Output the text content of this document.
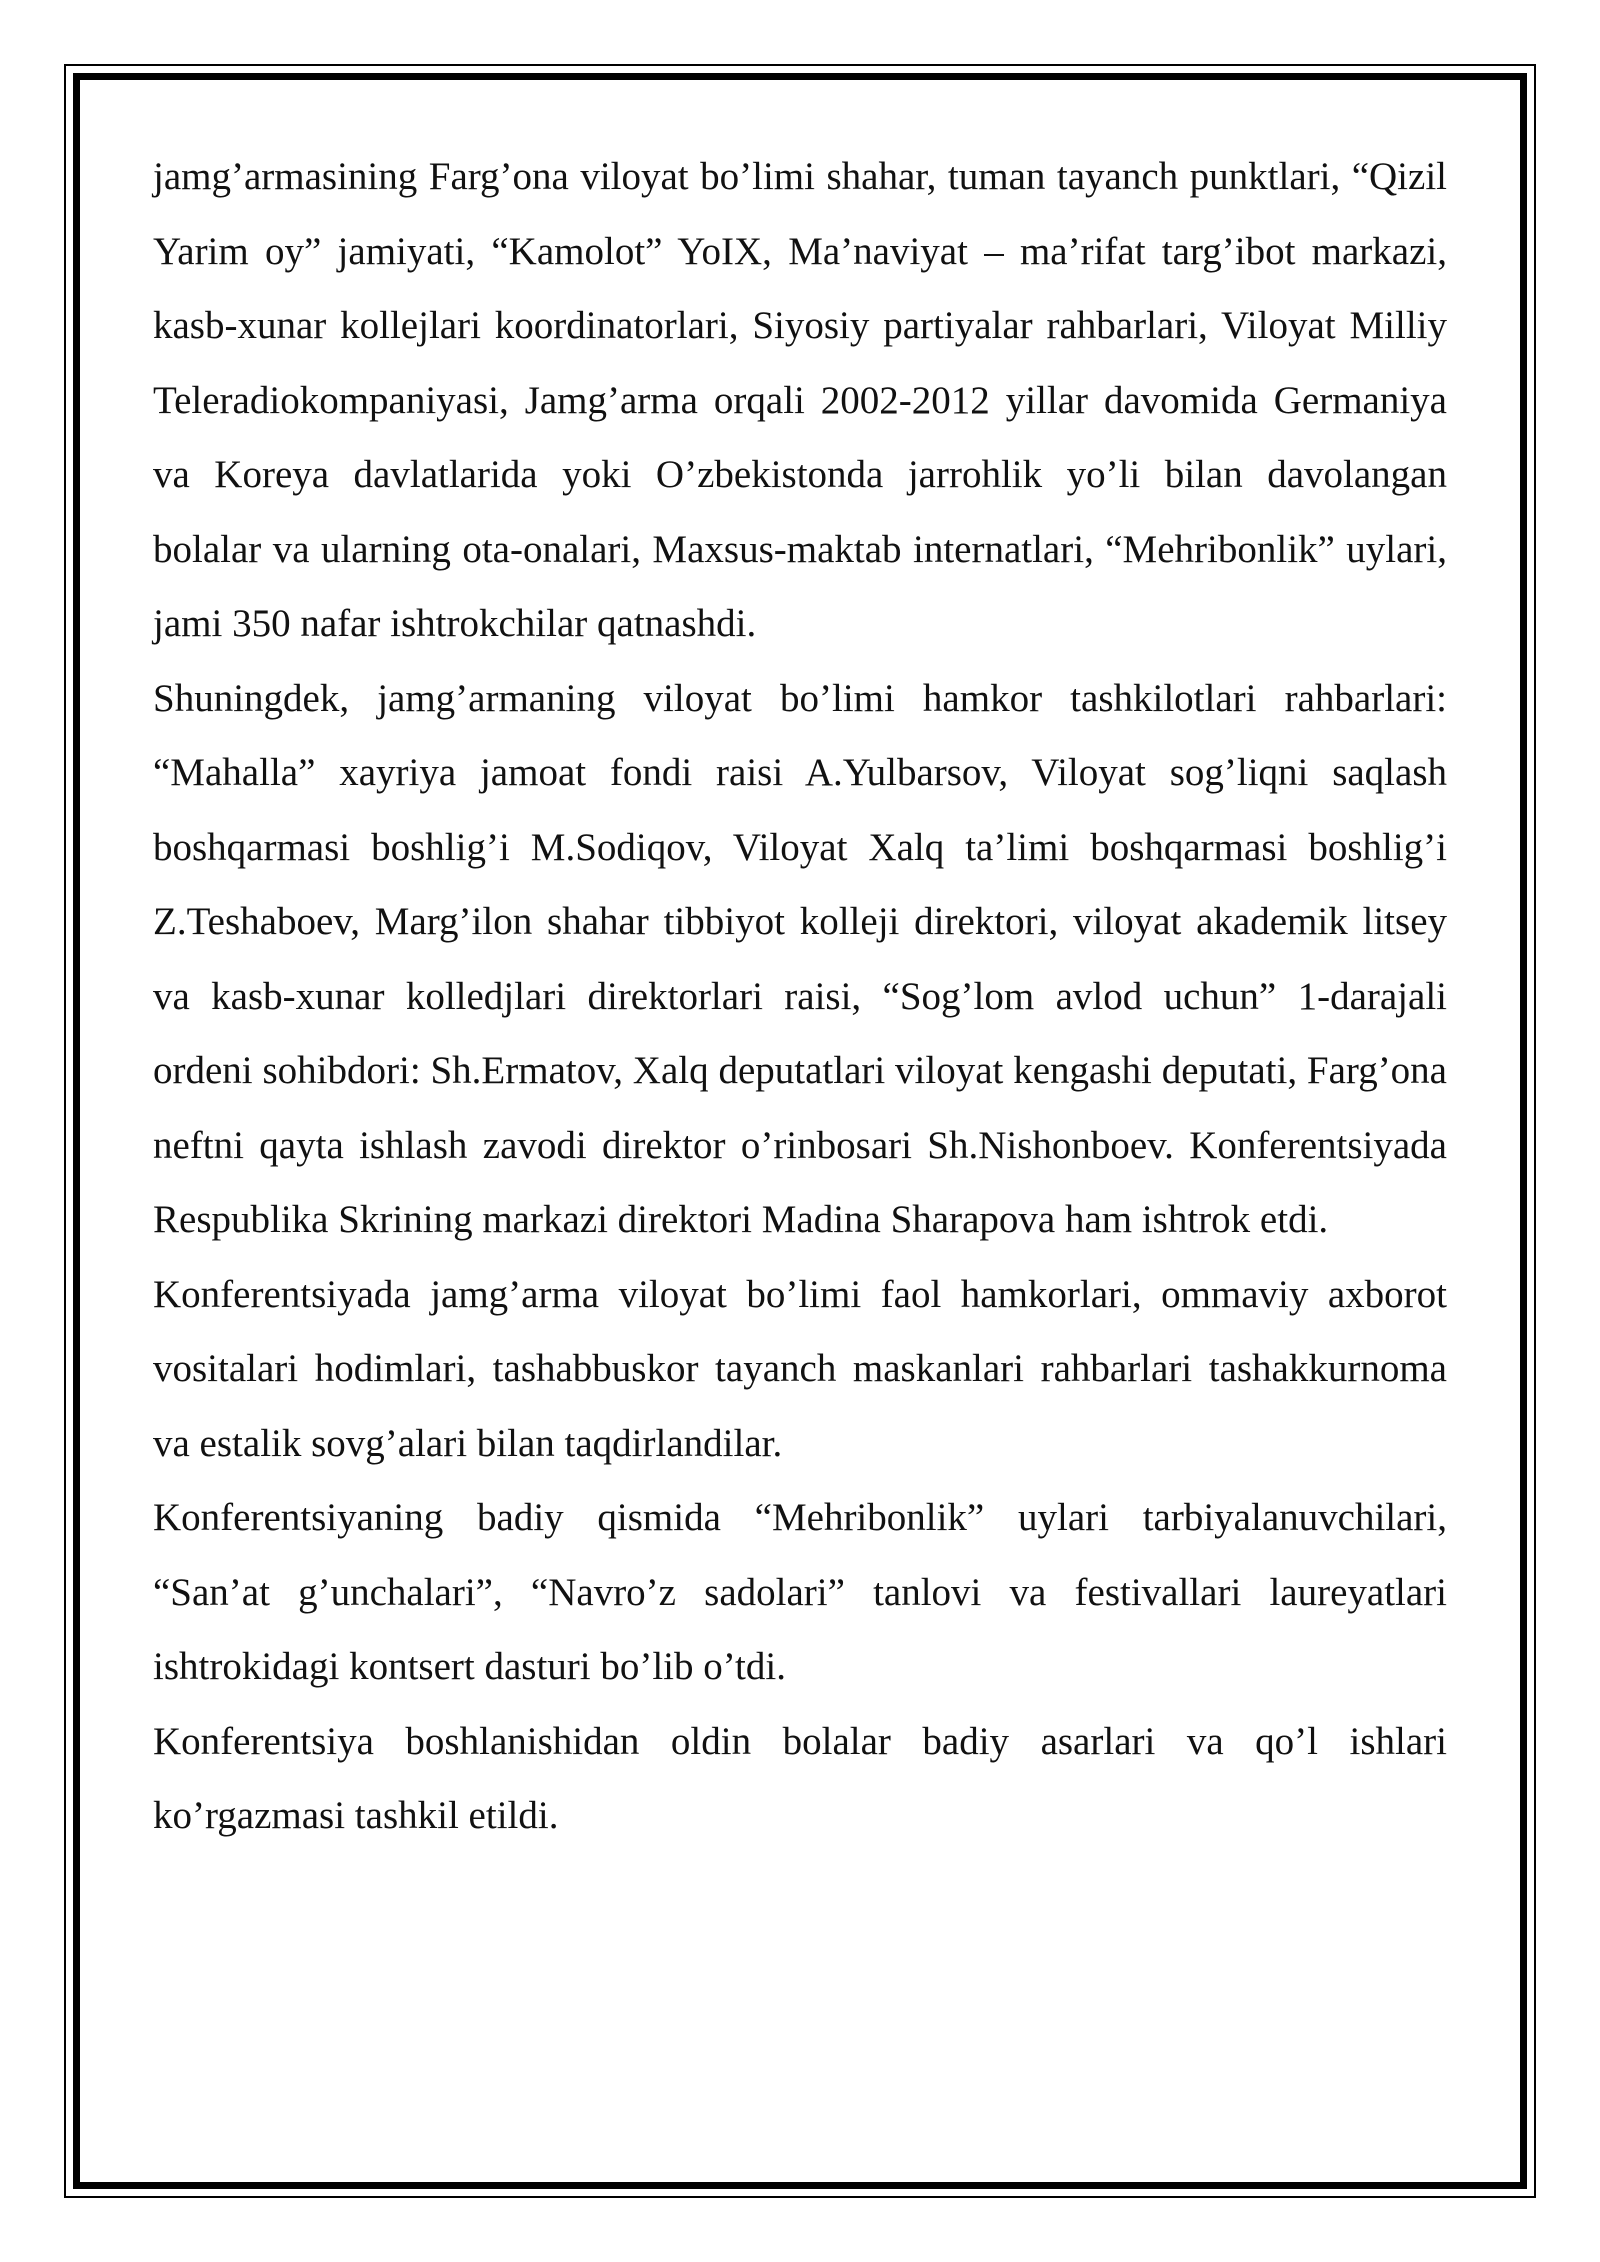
jamg’armasining Farg’ona viloyat bo’limi shahar, tuman tayanch punktlari, “Qizil Yarim oy” jamiyati, “Kamolot” YoIX, Ma’naviyat – ma’rifat targ’ibot markazi, kasb-xunar kollejlari koordinatorlari, Siyosiy partiyalar rahbarlari, Viloyat Milliy Teleradiokompaniyasi, Jamg’arma orqali 2002-2012 yillar davomida Germaniya va Koreya davlatlarida yoki O’zbekistonda jarrohlik yo’li bilan davolangan bolalar va ularning ota-onalari, Maxsus-maktab internatlari, “Mehribonlik” uylari, jami 350 nafar ishtrokchilar qatnashdi.

Shuningdek, jamg’armaning viloyat bo’limi hamkor tashkilotlari rahbarlari: “Mahalla” xayriya jamoat fondi raisi A.Yulbarsov, Viloyat sog’liqni saqlash boshqarmasi boshlig’i M.Sodiqov, Viloyat Xalq ta’limi boshqarmasi boshlig’i Z.Teshaboev, Marg’ilon shahar tibbiyot kolleji direktori, viloyat akademik litsey va kasb-xunar kolledjlari direktorlari raisi, “Sog’lom avlod uchun” 1-darajali ordeni sohibdori: Sh.Ermatov, Xalq deputatlari viloyat kengashi deputati, Farg’ona neftni qayta ishlash zavodi direktor o’rinbosari Sh.Nishonboev. Konferentsiyada Respublika Skrining markazi direktori Madina Sharapova ham ishtrok etdi.

Konferentsiyada jamg’arma viloyat bo’limi faol hamkorlari, ommaviy axborot vositalari hodimlari, tashabbuskor tayanch maskanlari rahbarlari tashakkurnoma va estalik sovg’alari bilan taqdirlandilar.

Konferentsiyaning badiy qismida “Mehribonlik” uylari tarbiyalanuvchilari, “San’at g’unchalari”, “Navro’z sadolari” tanlovi va festivallari laureyatlari ishtrokidagi kontsert dasturi bo’lib o’tdi.

Konferentsiya boshlanishidan oldin bolalar badiy asarlari va qo’l ishlari ko’rgazmasi tashkil etildi.
